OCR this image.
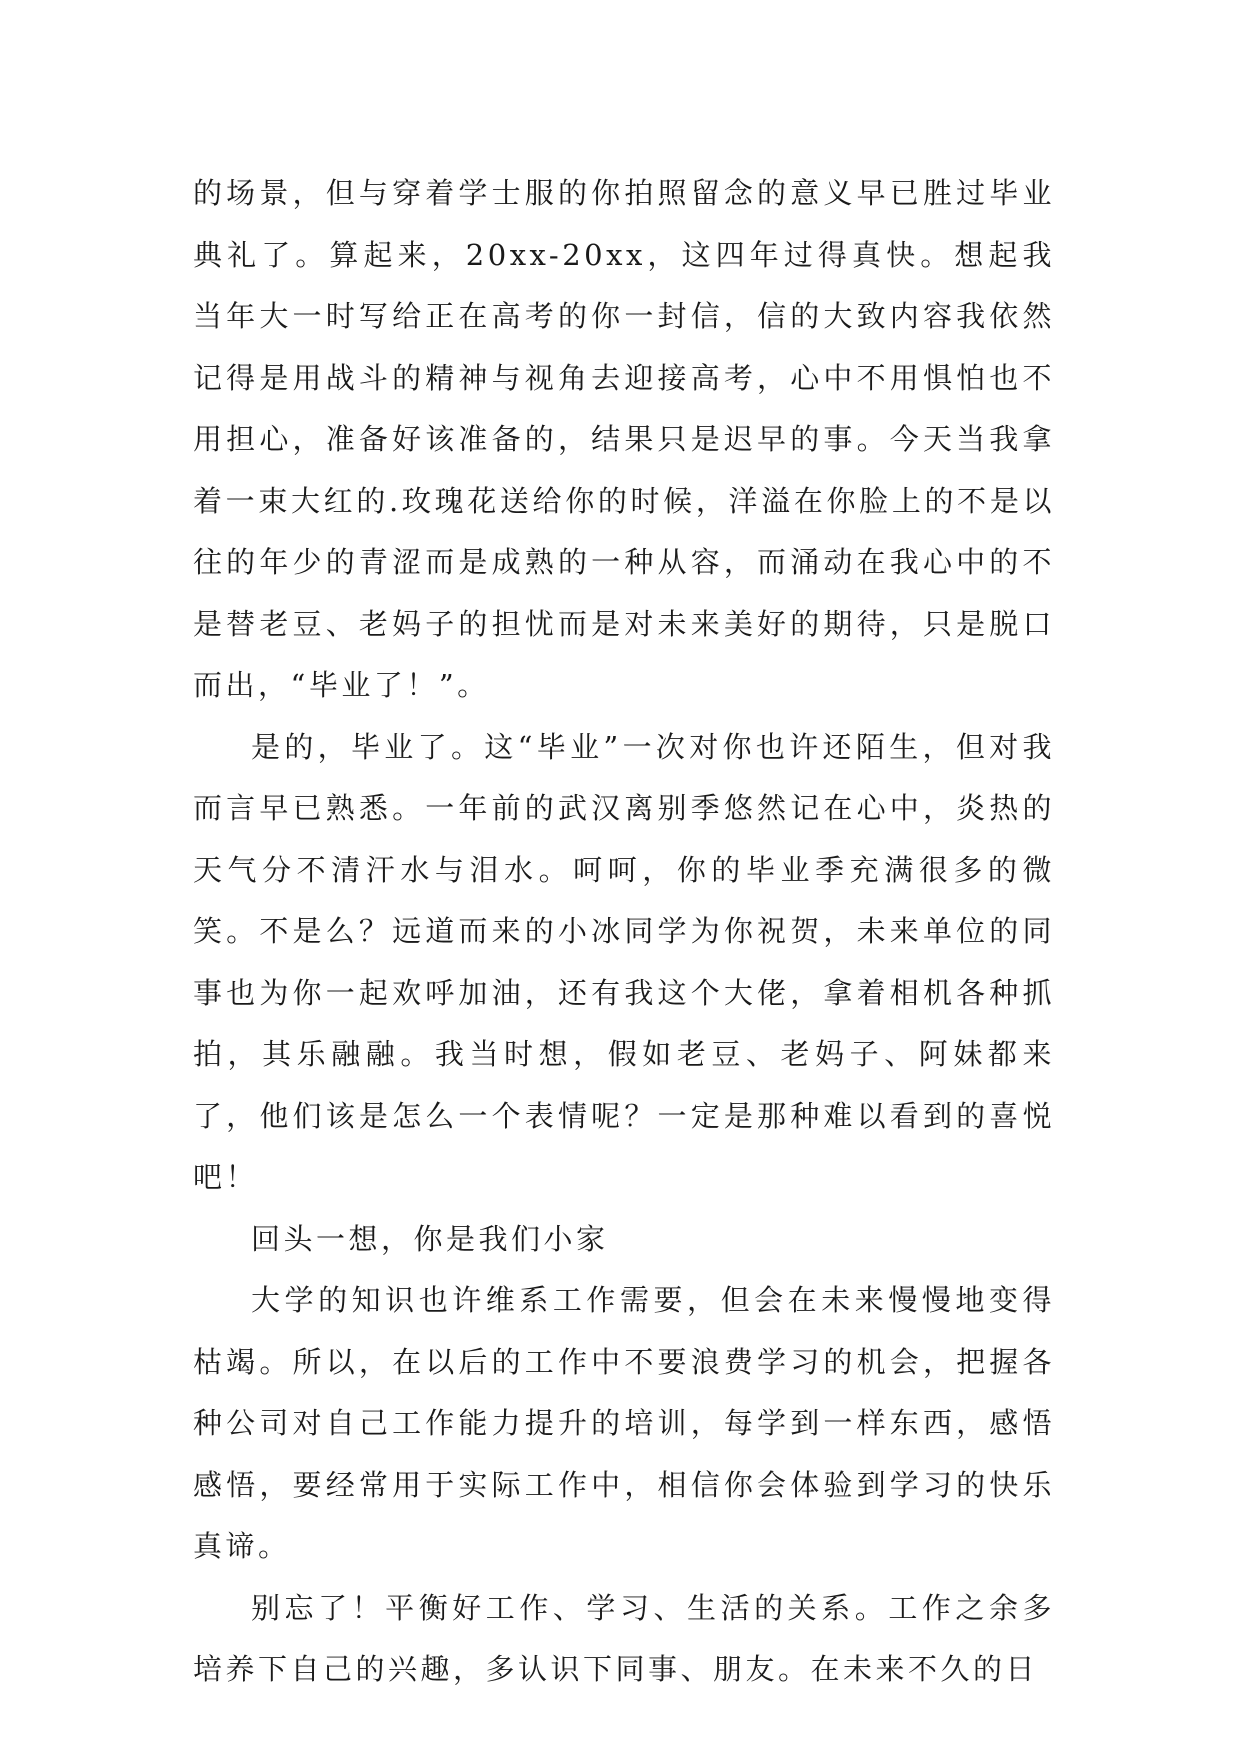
的场景，但与穿着学士服的你拍照留念的意义早已胜过毕业典礼了。算起来，20xx-20xx，这四年过得真快。想起我当年大一时写给正在高考的你一封信，信的大致内容我依然记得是用战斗的精神与视角去迎接高考，心中不用惧怕也不用担心，准备好该准备的，结果只是迟早的事。今天当我拿着一束大红的.玫瑰花送给你的时候，洋溢在你脸上的不是以往的年少的青涩而是成熟的一种从容，而涌动在我心中的不是替老豆、老妈子的担忧而是对未来美好的期待，只是脱口而出，“毕业了！”。

是的，毕业了。这“毕业”一次对你也许还陌生，但对我而言早已熟悉。一年前的武汉离别季悠然记在心中，炎热的天气分不清汗水与泪水。呵呵，你的毕业季充满很多的微笑。不是么？远道而来的小冰同学为你祝贺，未来单位的同事也为你一起欢呼加油，还有我这个大佬，拿着相机各种抓拍，其乐融融。我当时想，假如老豆、老妈子、阿妹都来了，他们该是怎么一个表情呢？一定是那种难以看到的喜悦吧！

回头一想，你是我们小家

大学的知识也许维系工作需要，但会在未来慢慢地变得枯竭。所以，在以后的工作中不要浪费学习的机会，把握各种公司对自己工作能力提升的培训，每学到一样东西，感悟感悟，要经常用于实际工作中，相信你会体验到学习的快乐真谛。

别忘了！平衡好工作、学习、生活的关系。工作之余多培养下自己的兴趣，多认识下同事、朋友。在未来不久的日
